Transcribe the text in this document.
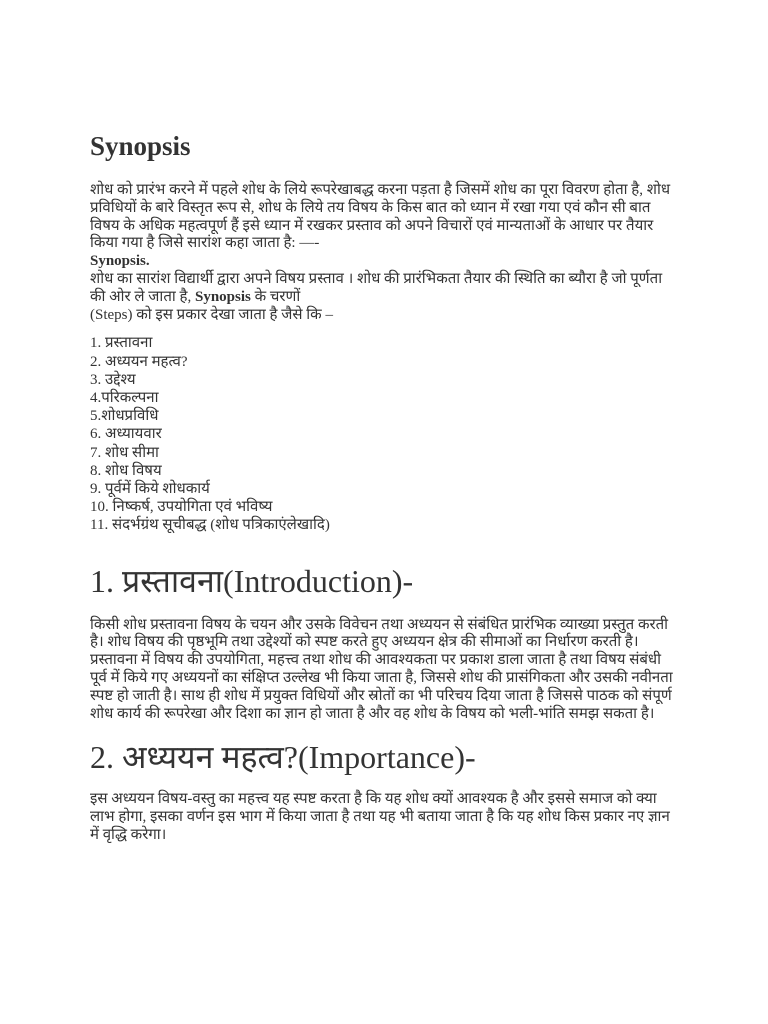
Synopsis

शोध को प्रारंभ करने में पहले शोध के लिये रूपरेखाबद्ध करना पड़ता है जिसमें शोध का पूरा विवरण होता है, शोध प्रविधियों के बारे विस्तृत रूप से, शोध के लिये तय विषय के किस बात को ध्यान में रखा गया एवं कौन सी बात विषय के अधिक महत्वपूर्ण हैं इसे ध्यान में रखकर प्रस्ताव को अपने विचारों एवं मान्यताओं के आधार पर तैयार किया गया है जिसे सारांश कहा जाता है: —-
Synopsis.

शोध का सारांश विद्यार्थी द्वारा अपने विषय प्रस्ताव । शोध की प्रारंभिकता तैयार की स्थिति का ब्यौरा है जो पूर्णता की ओर ले जाता है, Synopsis के चरणों
(Steps) को इस प्रकार देखा जाता है जैसे कि –

1. प्रस्तावना
2. अध्ययन महत्व?
3. उद्देश्य
4.परिकल्पना
5.शोधप्रविधि
6. अध्यायवार
7. शोध सीमा
8. शोध विषय
9. पूर्वमें किये शोधकार्य
10. निष्कर्ष, उपयोगिता एवं भविष्य
11. संदर्भग्रंथ सूचीबद्ध (शोध पत्रिकाएंलेखादि)
1. प्रस्तावना(Introduction)-

किसी शोध प्रस्तावना विषय के चयन और उसके विवेचन तथा अध्ययन से संबंधित प्रारंभिक व्याख्या प्रस्तुत करती है। शोध विषय की पृष्ठभूमि तथा उद्देश्यों को स्पष्ट करते हुए अध्ययन क्षेत्र की सीमाओं का निर्धारण करती है। प्रस्तावना में विषय की उपयोगिता, महत्त्व तथा शोध की आवश्यकता पर प्रकाश डाला जाता है तथा विषय संबंधी पूर्व में किये गए अध्ययनों का संक्षिप्त उल्लेख भी किया जाता है, जिससे शोध की प्रासंगिकता और उसकी नवीनता स्पष्ट हो जाती है। साथ ही शोध में प्रयुक्त विधियों और स्रोतों का भी परिचय दिया जाता है जिससे पाठक को संपूर्ण शोध कार्य की रूपरेखा और दिशा का ज्ञान हो जाता है और वह शोध के विषय को भली-भांति समझ सकता है।

2. अध्ययन महत्व?(Importance)-

इस अध्ययन विषय-वस्तु का महत्त्व यह स्पष्ट करता है कि यह शोध क्यों आवश्यक है और इससे समाज को क्या लाभ होगा, इसका वर्णन इस भाग में किया जाता है तथा यह भी बताया जाता है कि यह शोध किस प्रकार नए ज्ञान में वृद्धि करेगा।
